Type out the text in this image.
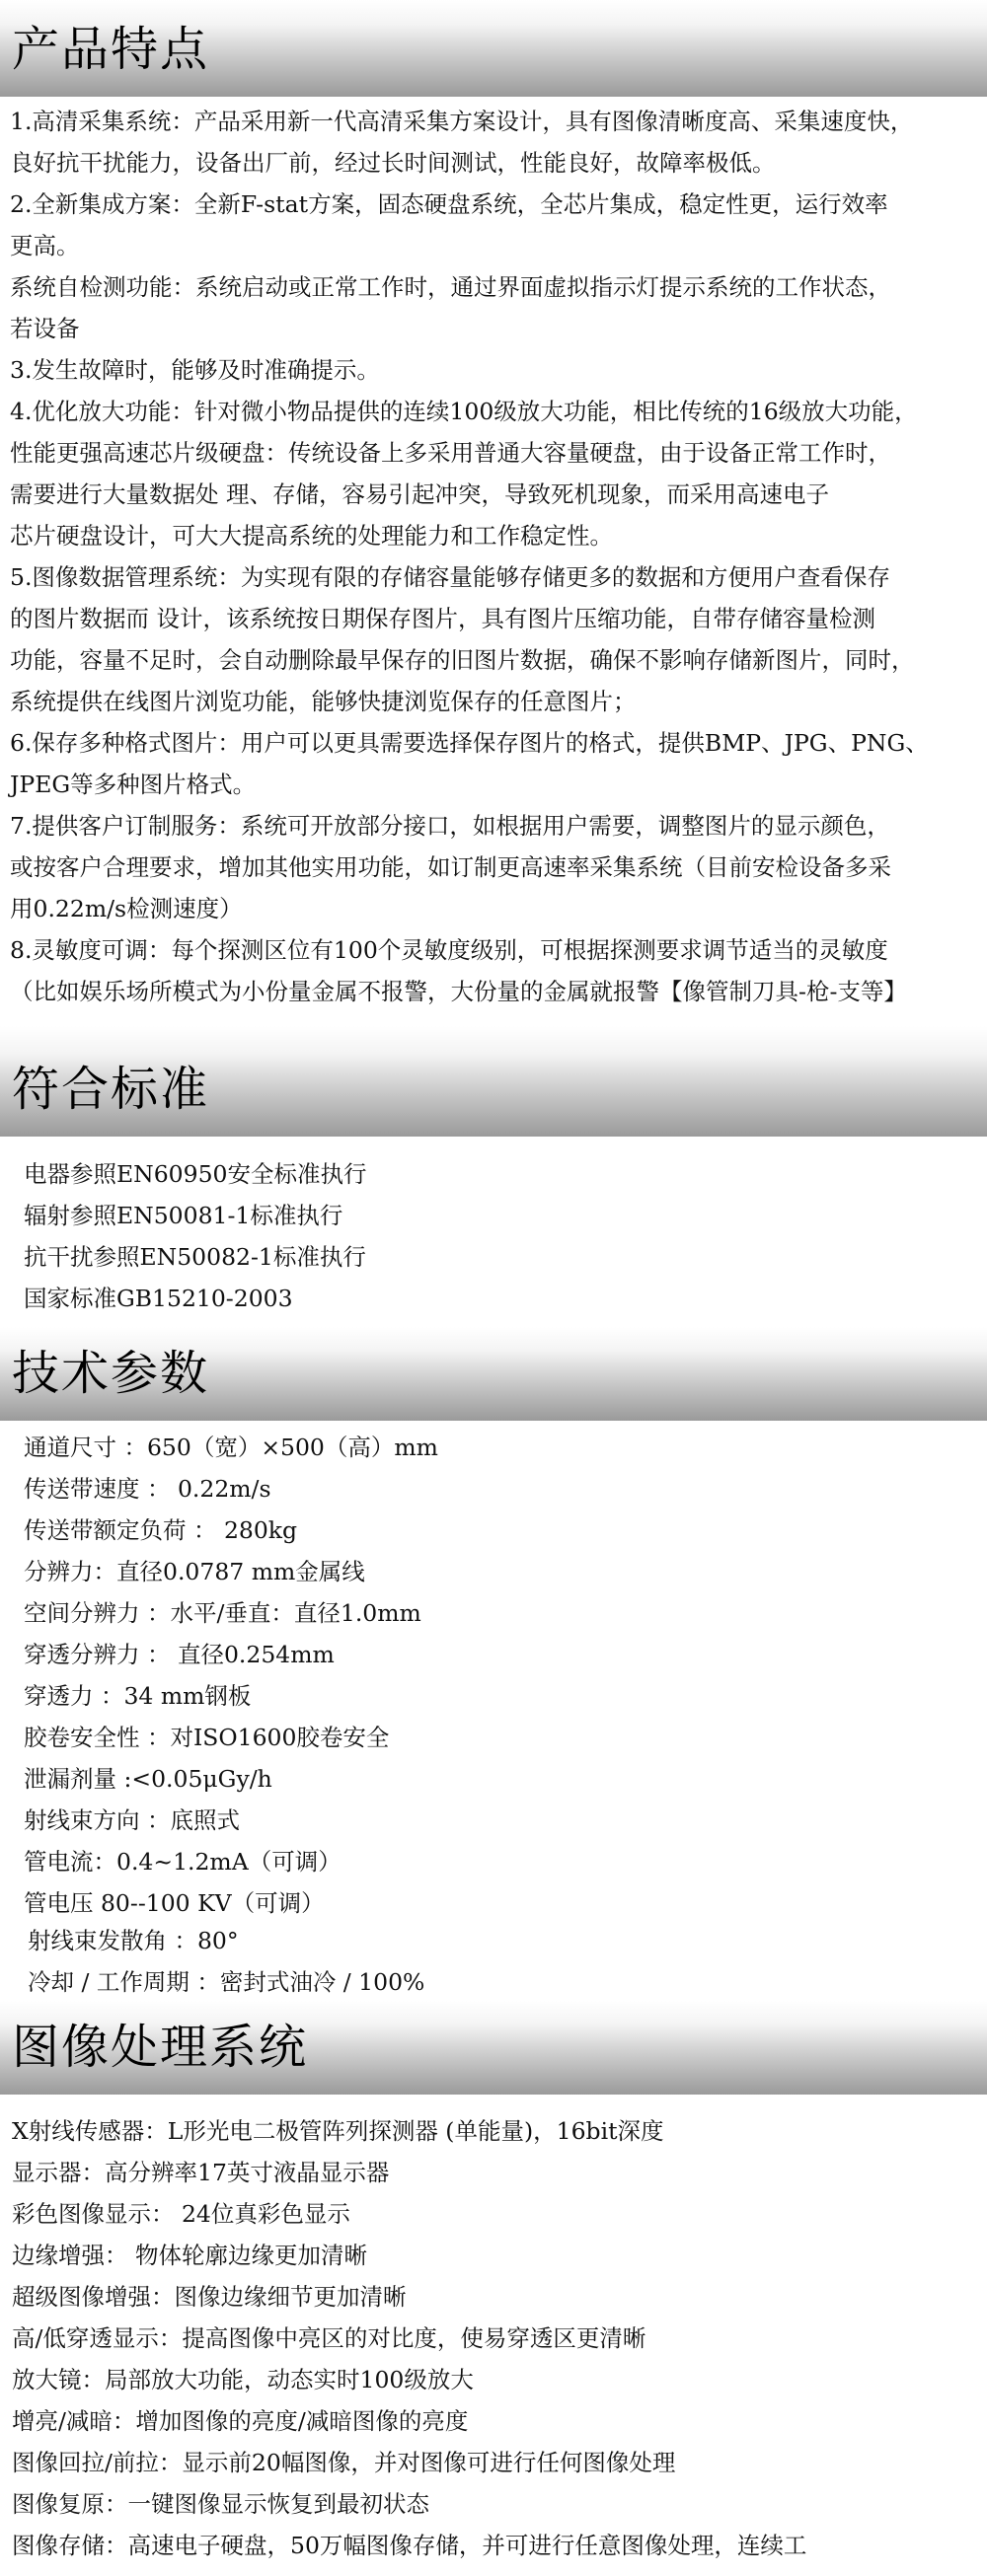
产品特点
1.高清采集系统：产品采用新一代高清采集方案设计，具有图像清晰度高、采集速度快，
良好抗干扰能力，设备出厂前，经过长时间测试，性能良好，故障率极低。
2.全新集成方案：全新F-stat方案，固态硬盘系统，全芯片集成，稳定性更，运行效率
更高。
系统自检测功能：系统启动或正常工作时，通过界面虚拟指示灯提示系统的工作状态，
若设备
3.发生故障时，能够及时准确提示。
4.优化放大功能：针对微小物品提供的连续100级放大功能，相比传统的16级放大功能，
性能更强高速芯片级硬盘：传统设备上多采用普通大容量硬盘，由于设备正常工作时，
需要进行大量数据处 理、存储，容易引起冲突，导致死机现象，而采用高速电子
芯片硬盘设计，可大大提高系统的处理能力和工作稳定性。
5.图像数据管理系统：为实现有限的存储容量能够存储更多的数据和方便用户查看保存
的图片数据而 设计，该系统按日期保存图片，具有图片压缩功能，自带存储容量检测
功能，容量不足时，会自动删除最早保存的旧图片数据，确保不影响存储新图片，同时，
系统提供在线图片浏览功能，能够快捷浏览保存的任意图片；
6.保存多种格式图片：用户可以更具需要选择保存图片的格式，提供BMP、JPG、PNG、
JPEG等多种图片格式。
7.提供客户订制服务：系统可开放部分接口，如根据用户需要，调整图片的显示颜色，
或按客户合理要求，增加其他实用功能，如订制更高速率采集系统（目前安检设备多采
用0.22m/s检测速度）
8.灵敏度可调：每个探测区位有100个灵敏度级别，可根据探测要求调节适当的灵敏度
（比如娱乐场所模式为小份量金属不报警，大份量的金属就报警【像管制刀具-枪-支等】
符合标准
电器参照EN60950安全标准执行
辐射参照EN50081-1标准执行
抗干扰参照EN50082-1标准执行
国家标准GB15210-2003
技术参数
通道尺寸 ：650（宽）×500（高）mm
传送带速度 ： 0.22m/s
传送带额定负荷 ： 280kg
分辨力：直径0.0787 mm金属线
空间分辨力 ：水平/垂直：直径1.0mm
穿透分辨力 ： 直径0.254mm
穿透力 ：34 mm钢板
胶卷安全性 ：对ISO1600胶卷安全
泄漏剂量 :<0.05μGy/h
射线束方向 ：底照式
管电流：0.4~1.2mA（可调）
管电压 80--100 KV（可调）
射线束发散角 ：80°
冷却 / 工作周期 ：密封式油冷 / 100%
图像处理系统
X射线传感器：L形光电二极管阵列探测器 (单能量)，16bit深度
显示器：高分辨率17英寸液晶显示器
彩色图像显示： 24位真彩色显示
边缘增强： 物体轮廓边缘更加清晰
超级图像增强：图像边缘细节更加清晰
高/低穿透显示：提高图像中亮区的对比度，使易穿透区更清晰
放大镜：局部放大功能，动态实时100级放大
增亮/减暗：增加图像的亮度/减暗图像的亮度
图像回拉/前拉：显示前20幅图像，并对图像可进行任何图像处理
图像复原：一键图像显示恢复到最初状态
图像存储：高速电子硬盘，50万幅图像存储，并可进行任意图像处理，连续工
